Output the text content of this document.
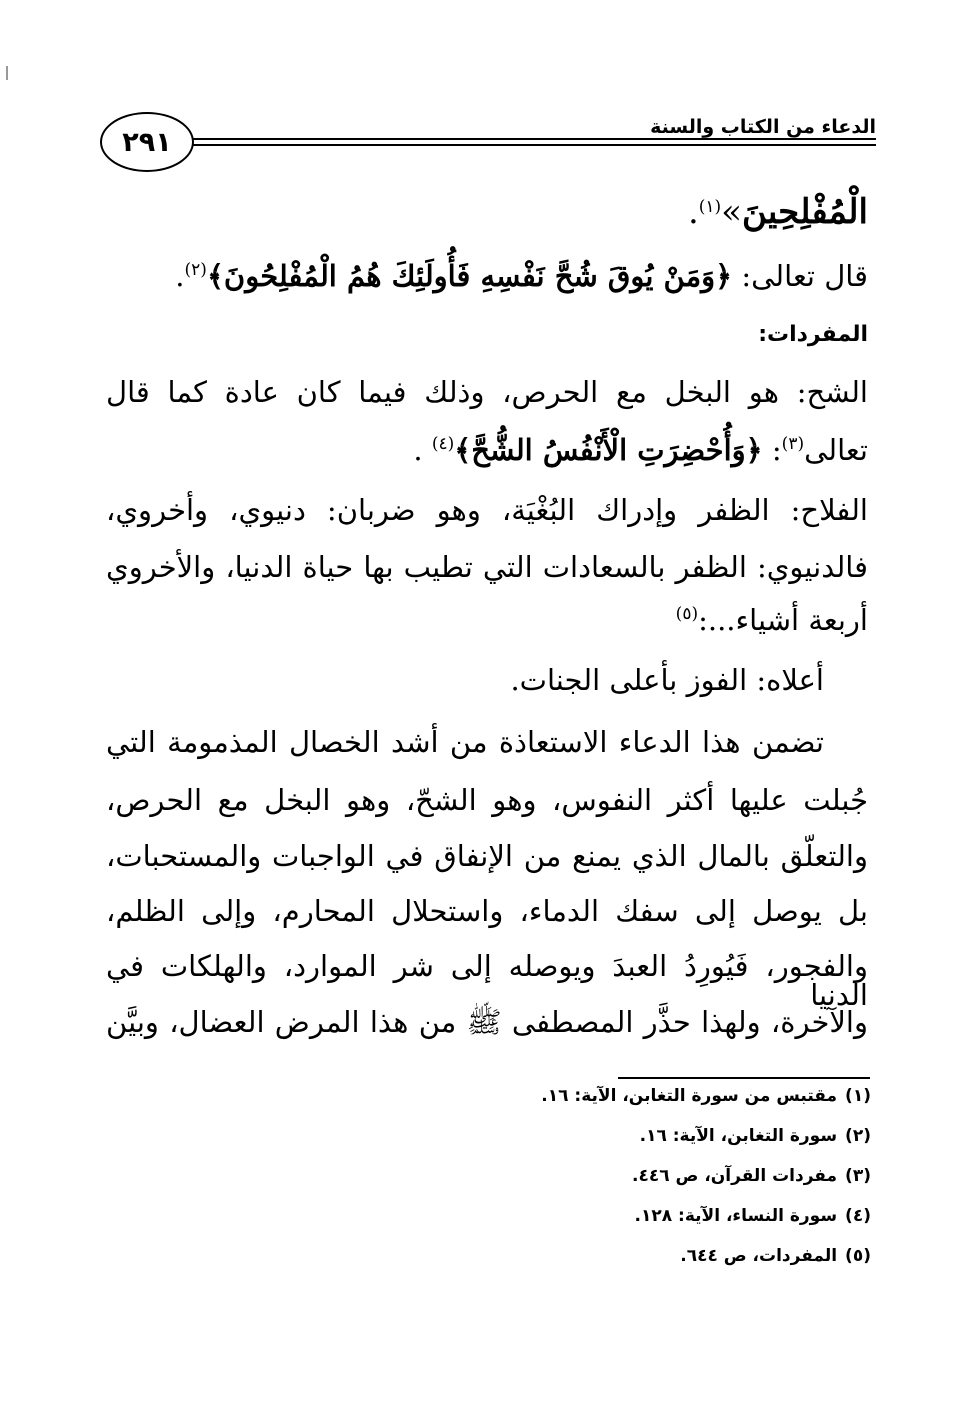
٢٩١	الدعاء من الكتاب والسنة
الْمُفْلِحِينَ»$^{(١)}$.
قال تعالى: ﴿وَمَنْ يُوقَ شُحَّ نَفْسِهِ فَأُولَئِكَ هُمُ الْمُفْلِحُونَ﴾$^{(٢)}$.
المفردات:
الشح: هو البخل مع الحرص، وذلك فيما كان عادة كما قال
تعالى$^{(٣)}$: ﴿وَأُحْضِرَتِ الْأَنْفُسُ الشُّحَّ﴾$^{(٤)}$ .
الفلاح: الظفر وإدراك البُغْيَة، وهو ضربان: دنيوي، وأخروي،
فالدنيوي: الظفر بالسعادات التي تطيب بها حياة الدنيا، والأخروي
أربعة أشياء...:$^{(٥)}$
أعلاه: الفوز بأعلى الجنات.
تضمن هذا الدعاء الاستعاذة من أشد الخصال المذمومة التي
جُبلت عليها أكثر النفوس، وهو الشحّ، وهو البخل مع الحرص،
والتعلّق بالمال الذي يمنع من الإنفاق في الواجبات والمستحبات،
بل يوصل إلى سفك الدماء، واستحلال المحارم، وإلى الظلم،
والفجور، فَيُورِدُ العبدَ ويوصله إلى شر الموارد، والهلكات في الدنيا
والآخرة، ولهذا حذَّر المصطفى ﷺ من هذا المرض العضال، وبيَّن
(١)مقتبس من سورة التغابن، الآية: ١٦.
(٢)سورة التغابن، الآية: ١٦.
(٣)مفردات القرآن، ص ٤٤٦.
(٤)سورة النساء، الآية: ١٢٨.
(٥)المفردات، ص ٦٤٤.
